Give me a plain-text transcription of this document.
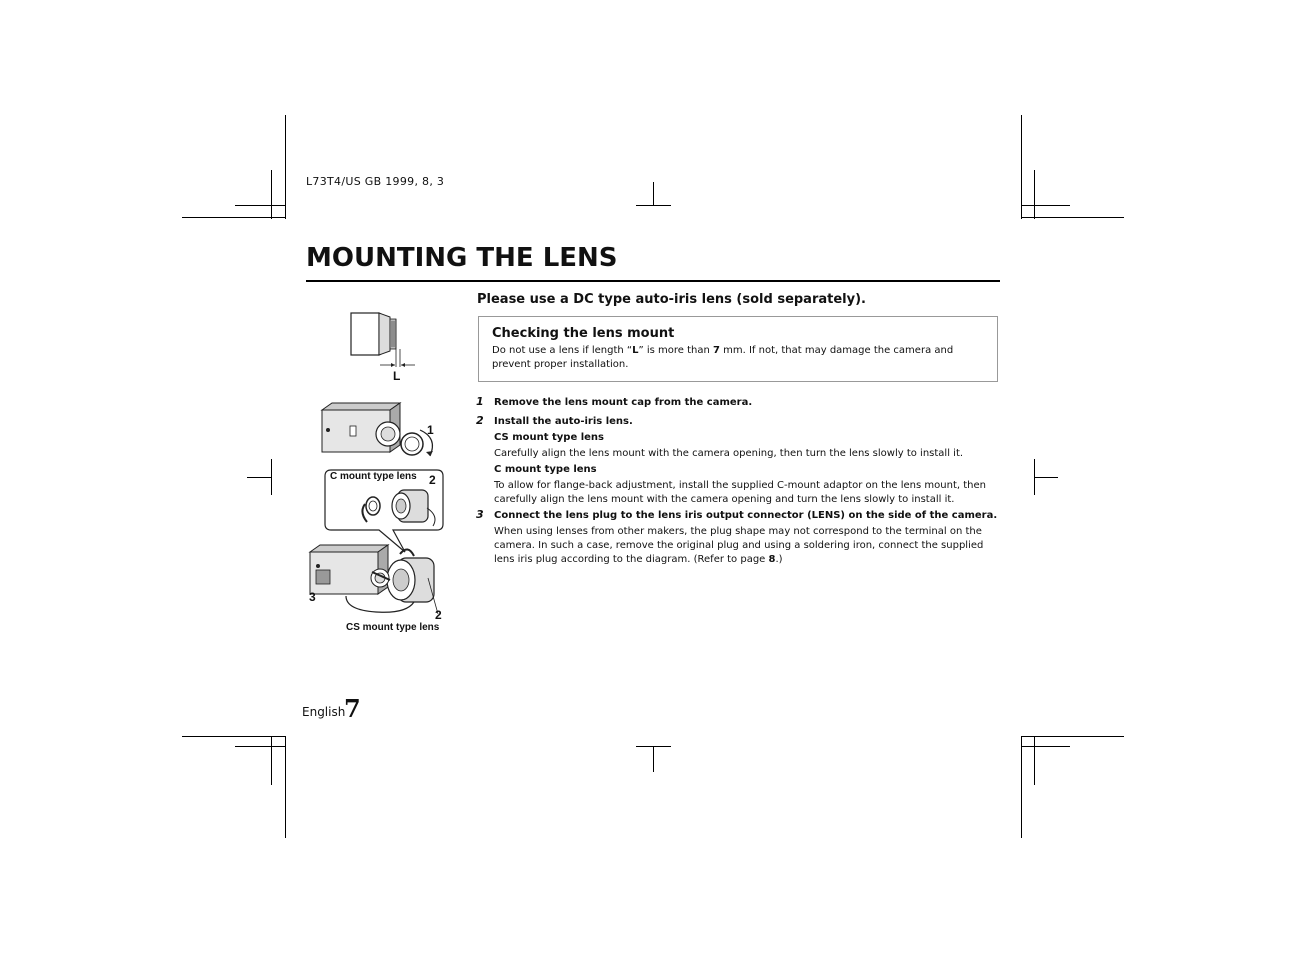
L73T4/US GB 1999, 8, 3
MOUNTING THE LENS
Please use a DC type auto-iris lens (sold separately).
Checking the lens mount

Do not use a lens if length “L” is more than 7 mm. If not, that may damage the camera and prevent proper installation.

1 Remove the lens mount cap from the camera.
2 Install the auto-iris lens.
CS mount type lens
Carefully align the lens mount with the camera opening, then turn the lens slowly to install it.
C mount type lens
To allow for flange-back adjustment, install the supplied C-mount adaptor on the lens mount, then carefully align the lens mount with the camera opening and turn the lens slowly to install it.
3 Connect the lens plug to the lens iris output connector (LENS) on the side of the camera.
When using lenses from other makers, the plug shape may not correspond to the terminal on the camera. In such a case, remove the original plug and using a soldering iron, connect the supplied lens iris plug according to the diagram. (Refer to page 8.)
L
1
C mount type lens 2
3
2
CS mount type lens
English
7
